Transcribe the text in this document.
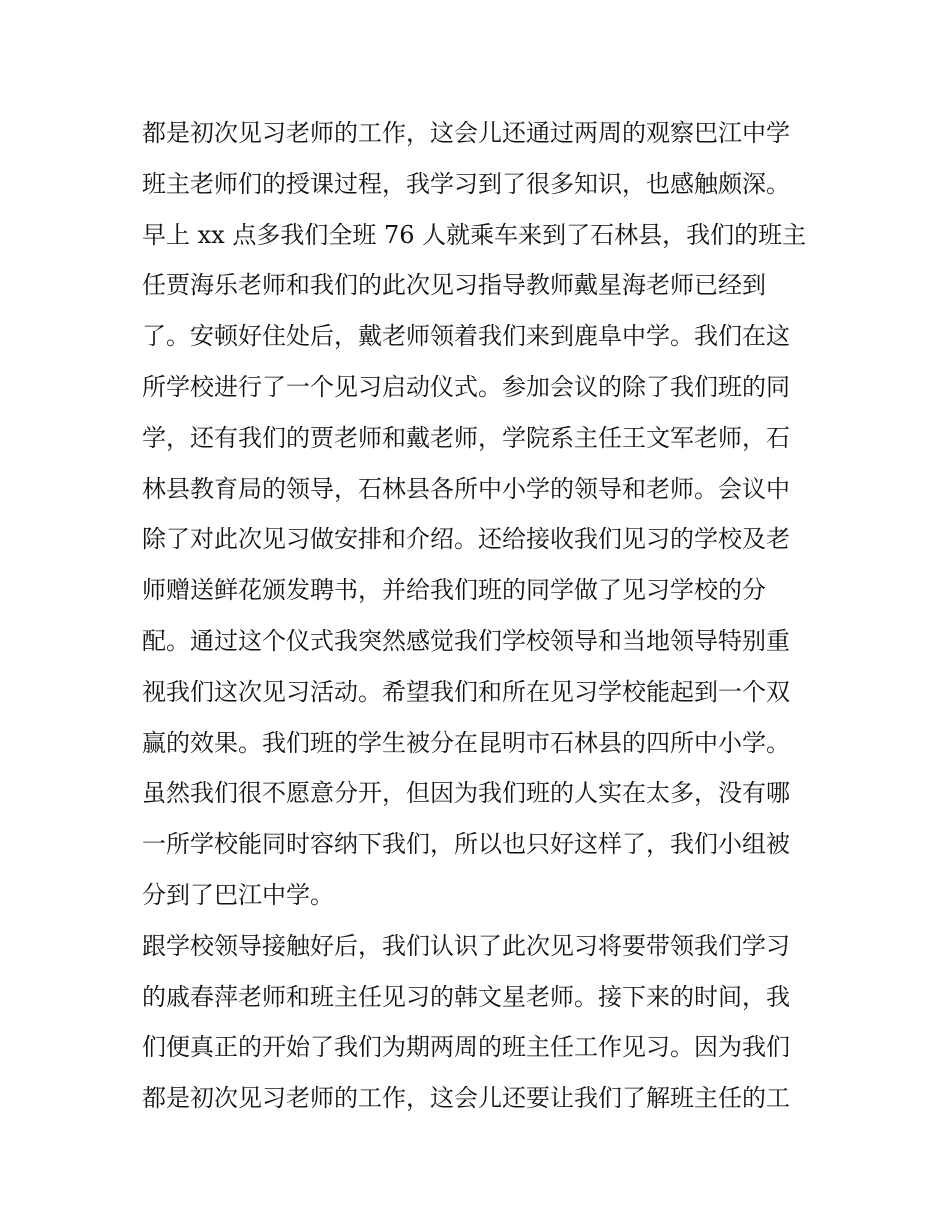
都是初次见习老师的工作，这会儿还通过两周的观察巴江中学
班主老师们的授课过程，我学习到了很多知识，也感触颇深。
早上 xx 点多我们全班 76 人就乘车来到了石林县，我们的班主
任贾海乐老师和我们的此次见习指导教师戴星海老师已经到
了。安顿好住处后，戴老师领着我们来到鹿阜中学。我们在这
所学校进行了一个见习启动仪式。参加会议的除了我们班的同
学，还有我们的贾老师和戴老师，学院系主任王文军老师，石
林县教育局的领导，石林县各所中小学的领导和老师。会议中
除了对此次见习做安排和介绍。还给接收我们见习的学校及老
师赠送鲜花颁发聘书，并给我们班的同学做了见习学校的分
配。通过这个仪式我突然感觉我们学校领导和当地领导特别重
视我们这次见习活动。希望我们和所在见习学校能起到一个双
赢的效果。我们班的学生被分在昆明市石林县的四所中小学。
虽然我们很不愿意分开，但因为我们班的人实在太多，没有哪
一所学校能同时容纳下我们，所以也只好这样了，我们小组被
分到了巴江中学。
跟学校领导接触好后，我们认识了此次见习将要带领我们学习
的戚春萍老师和班主任见习的韩文星老师。接下来的时间，我
们便真正的开始了我们为期两周的班主任工作见习。因为我们
都是初次见习老师的工作，这会儿还要让我们了解班主任的工
